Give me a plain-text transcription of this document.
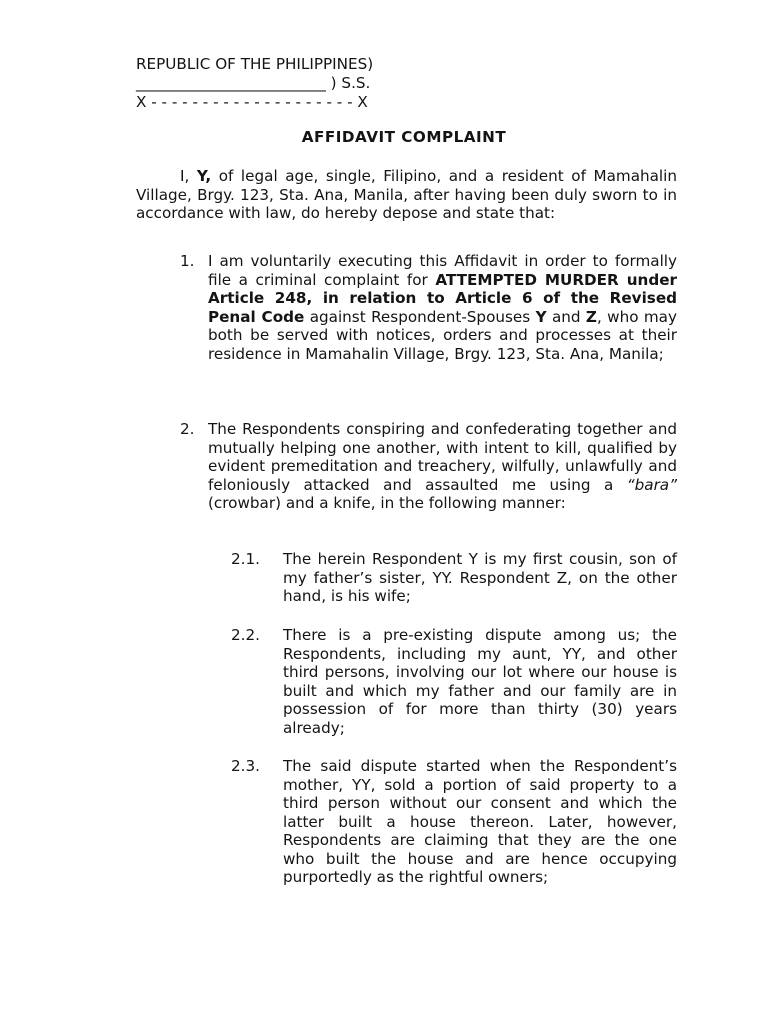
REPUBLIC OF THE PHILIPPINES)
_________________________ ) S.S.
X - - - - - - - - - - - - - - - - - - - - X
AFFIDAVIT COMPLAINT

I, Y, of legal age, single, Filipino, and a resident of Mamahalin Village, Brgy. 123, Sta. Ana, Manila, after having been duly sworn to in accordance with law, do hereby depose and state that:

1. I am voluntarily executing this Affidavit in order to formally file a criminal complaint for ATTEMPTED MURDER under Article 248, in relation to Article 6 of the Revised Penal Code against Respondent-Spouses Y and Z, who may both be served with notices, orders and processes at their residence in Mamahalin Village, Brgy. 123, Sta. Ana, Manila;

2. The Respondents conspiring and confederating together and mutually helping one another, with intent to kill, qualified by evident premeditation and treachery, wilfully, unlawfully and feloniously attacked and assaulted me using a “bara” (crowbar) and a knife, in the following manner:

2.1.	The herein Respondent Y is my first cousin, son of my father’s sister, YY. Respondent Z, on the other hand, is his wife;

2.2.	There is a pre-existing dispute among us; the Respondents, including my aunt, YY, and other third persons, involving our lot where our house is built and which my father and our family are in possession of for more than thirty (30) years already;

2.3.	The said dispute started when the Respondent’s mother, YY, sold a portion of said property to a third person without our consent and which the latter built a house thereon. Later, however, Respondents are claiming that they are the one who built the house and are hence occupying purportedly as the rightful owners;
